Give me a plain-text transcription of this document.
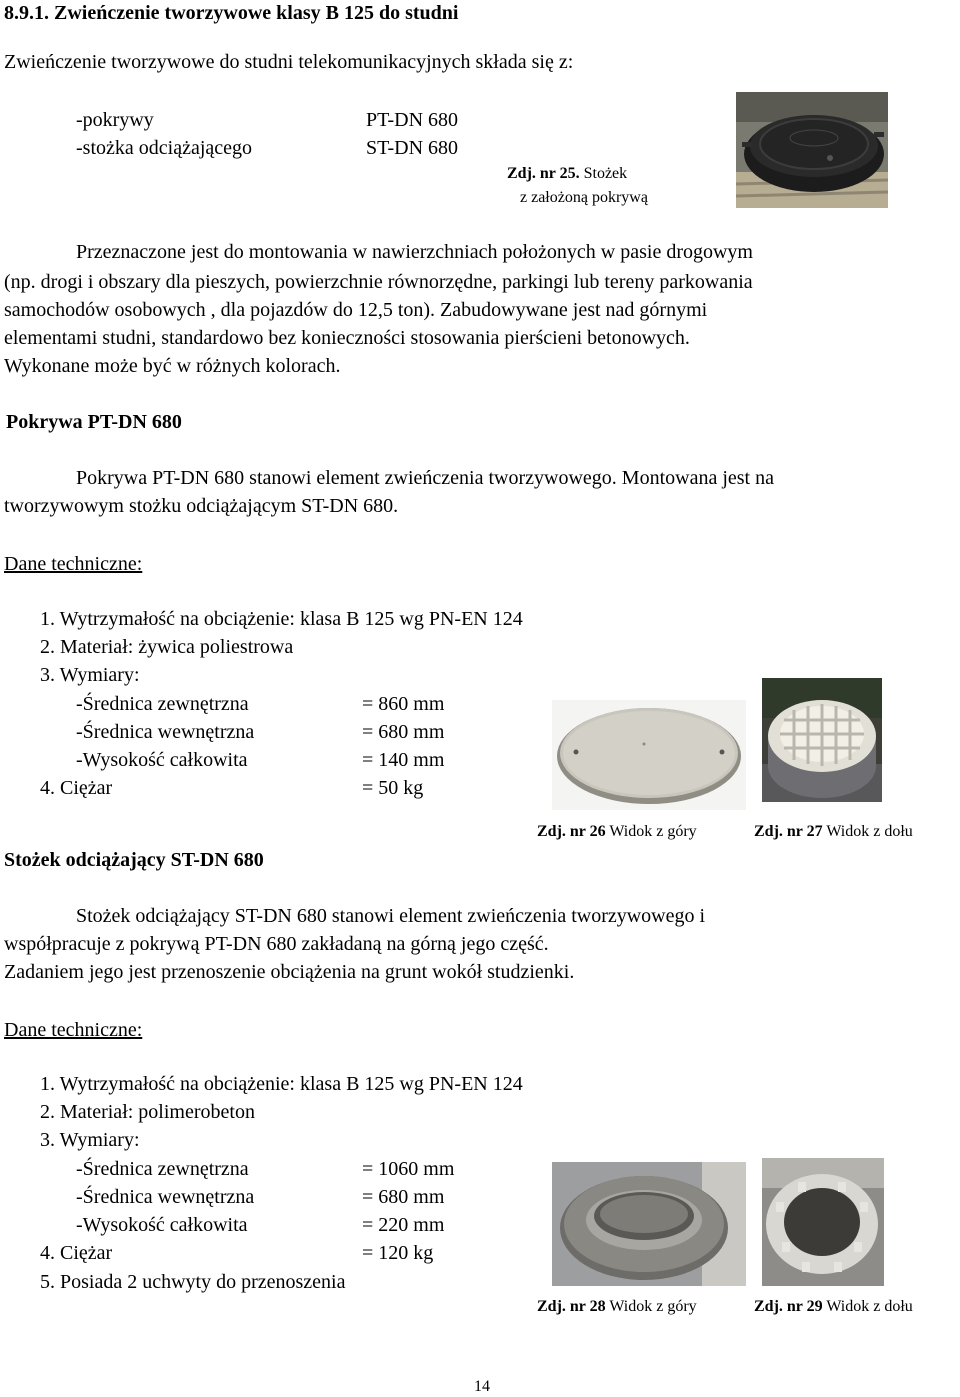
8.9.1. Zwieńczenie tworzywowe klasy B 125 do studni
Zwieńczenie tworzywowe do studni telekomunikacyjnych składa się z:
-pokrywy	PT-DN 680
-stożka odciążającego	ST-DN 680
Zdj. nr 25. Stożek
z założoną pokrywą
Przeznaczone jest do montowania w nawierzchniach położonych w pasie drogowym
(np. drogi i obszary dla pieszych, powierzchnie równorzędne, parkingi lub tereny parkowania
samochodów osobowych , dla pojazdów do 12,5 ton). Zabudowywane jest nad górnymi
elementami studni, standardowo bez konieczności stosowania pierścieni betonowych.
Wykonane może być w różnych kolorach.
Pokrywa PT-DN 680
Pokrywa PT-DN 680 stanowi element zwieńczenia tworzywowego. Montowana jest na
tworzywowym stożku odciążającym ST-DN 680.
Dane techniczne:
1. Wytrzymałość na obciążenie: klasa B 125 wg PN-EN 124
2. Materiał: żywica poliestrowa
3. Wymiary:
-Średnica zewnętrzna	= 860 mm
-Średnica wewnętrzna	= 680 mm
-Wysokość całkowita	= 140 mm
4. Ciężar	= 50 kg
Zdj. nr 26 Widok z góry	Zdj. nr 27 Widok z dołu
Stożek odciążający ST-DN 680
Stożek odciążający ST-DN 680 stanowi element zwieńczenia tworzywowego i
współpracuje z pokrywą PT-DN 680 zakładaną na górną jego część.
Zadaniem jego jest przenoszenie obciążenia na grunt wokół studzienki.
Dane techniczne:
1. Wytrzymałość na obciążenie: klasa B 125 wg PN-EN 124
2. Materiał: polimerobeton
3. Wymiary:
-Średnica zewnętrzna	= 1060 mm
-Średnica wewnętrzna	= 680 mm
-Wysokość całkowita	= 220 mm
4. Ciężar	= 120 kg
5. Posiada 2 uchwyty do przenoszenia
Zdj. nr 28 Widok z góry	Zdj. nr 29 Widok z dołu
14
